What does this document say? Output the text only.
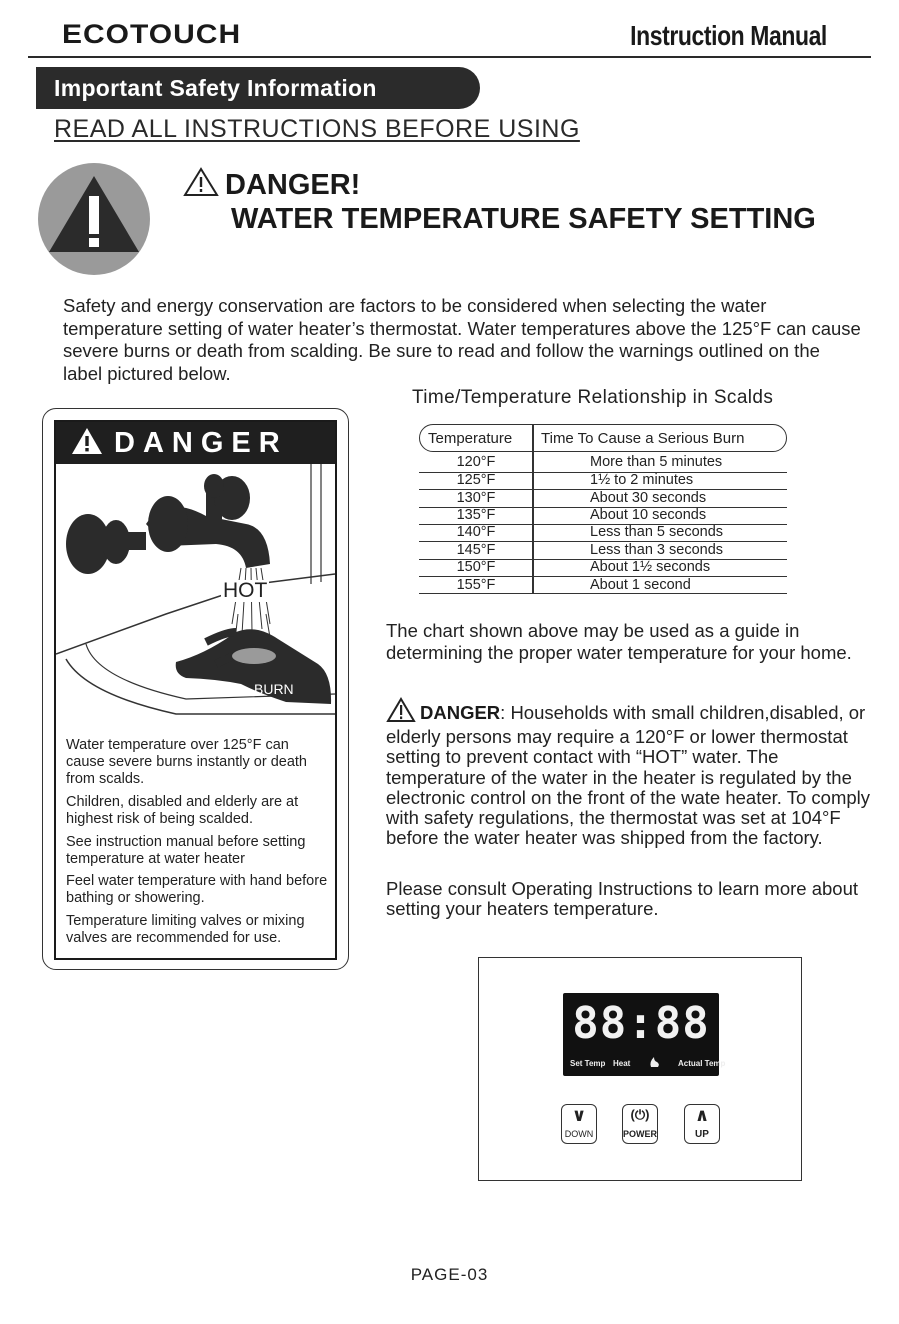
ECOTOUCH	Instruction Manual
Important Safety Information
READ ALL INSTRUCTIONS BEFORE USING
DANGER!
WATER TEMPERATURE SAFETY SETTING
Safety and energy conservation are factors to be considered when selecting the water temperature setting of water heater’s thermostat. Water temperatures above the 125°F can cause severe burns or death from scalding. Be sure to read and follow the warnings outlined on the label pictured below.
DANGER
HOT
BURN
Water temperature over 125°F can cause severe burns instantly or death from scalds.
Children, disabled and elderly are at highest risk of being scalded.
See instruction manual before setting temperature at water heater
Feel water temperature with hand before bathing or showering.
Temperature limiting valves or mixing valves are recommended for use.
Time/Temperature Relationship in Scalds
Temperature Time To Cause a Serious Burn
120°F	More than 5 minutes
125°F	1½ to 2 minutes
130°F	About 30 seconds
135°F	About 10 seconds
140°F	Less than 5 seconds
145°F	Less than 3 seconds
150°F	About 1½ seconds
155°F	About 1 second
The chart shown above may be used as a guide in determining the proper water temperature for your home.
DANGER: Households with small children,disabled, or elderly persons may require a 120°F or lower thermostat setting to prevent contact with “HOT” water. The temperature of the water in the heater is regulated by the electronic control on the front of the wate heater. To comply with safety regulations, the thermostat was set at 104°F before the water heater was shipped from the factory.
Please consult Operating Instructions to learn more about setting your heaters temperature.
88:88
Set Temp Heat	Actual Temp
∨
DOWN
(⏻)
POWER
∧
UP
PAGE-03
